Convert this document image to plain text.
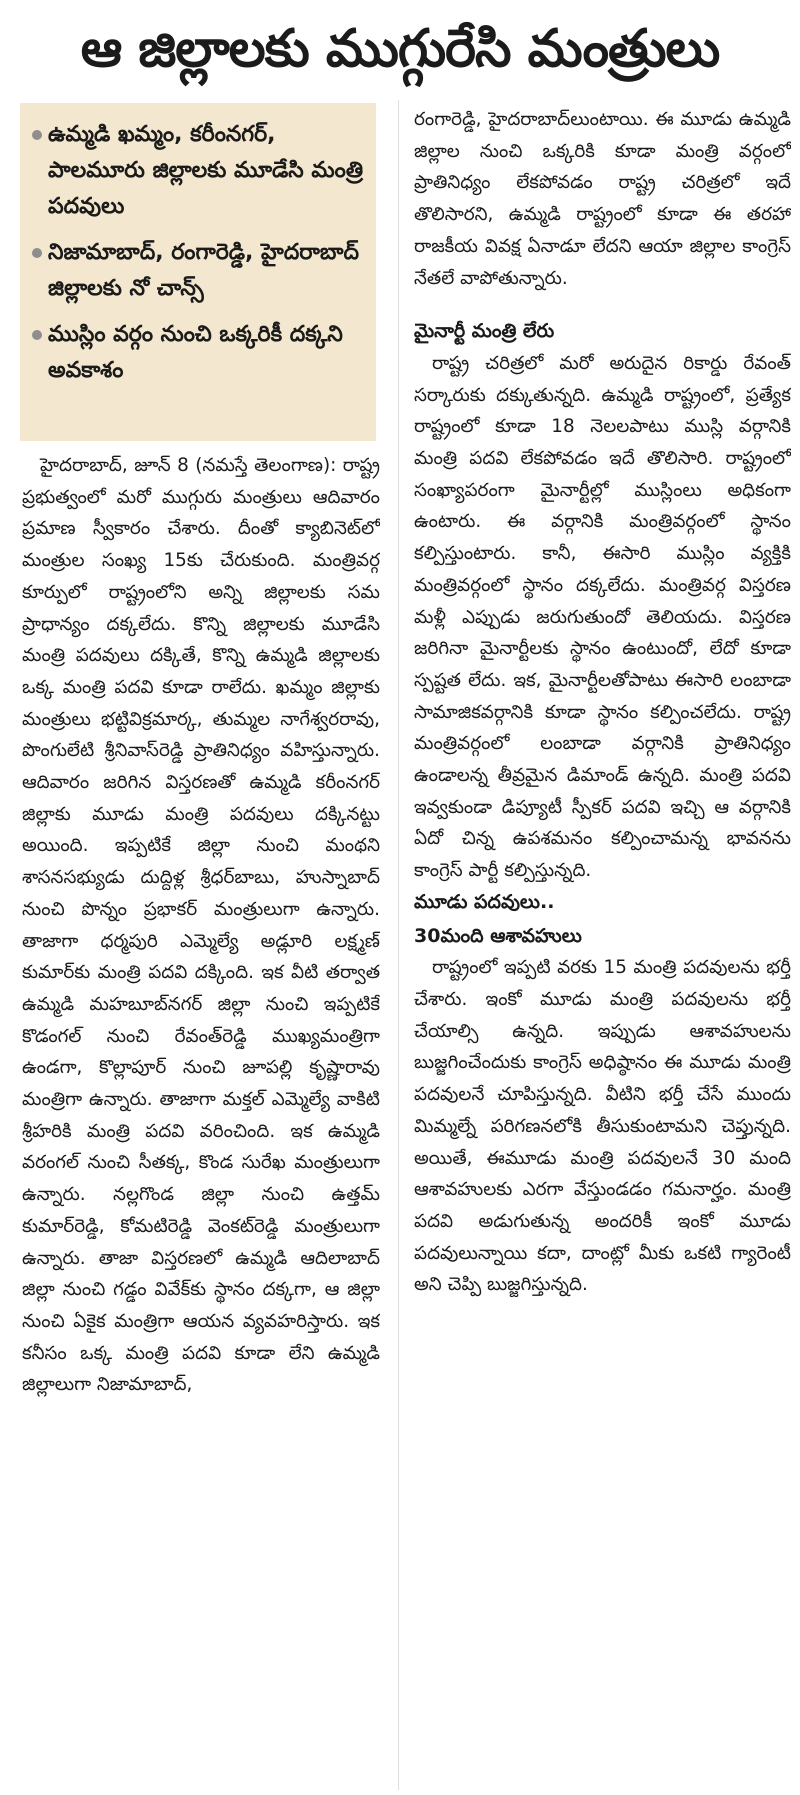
ఆ జిల్లాలకు ముగ్గురేసి మంత్రులు
ఉమ్మడి ఖమ్మం, కరీంనగర్, పాలమూరు జిల్లాలకు మూడేసి మంత్రి పదవులు
నిజామాబాద్, రంగారెడ్డి, హైదరాబాద్ జిల్లాలకు నో చాన్స్
ముస్లిం వర్గం నుంచి ఒక్కరికీ దక్కని అవకాశం

హైదరాబాద్, జూన్ 8 (నమస్తే తెలంగాణ): రాష్ట్ర ప్రభుత్వంలో మరో ముగ్గురు మంత్రులు ఆదివారం ప్రమాణ స్వీకారం చేశారు. దీంతో క్యాబినెట్‌లో మంత్రుల సంఖ్య 15కు చేరుకుంది. మంత్రివర్గ కూర్పులో రాష్ట్రంలోని అన్ని జిల్లాలకు సమ ప్రాధాన్యం దక్కలేదు. కొన్ని జిల్లాలకు మూడేసి మంత్రి పదవులు దక్కితే, కొన్ని ఉమ్మడి జిల్లాలకు ఒక్క మంత్రి పదవి కూడా రాలేదు. ఖమ్మం జిల్లాకు మంత్రులు భట్టివిక్రమార్క, తుమ్మల నాగేశ్వరరావు, పొంగులేటి శ్రీనివాస్‌రెడ్డి ప్రాతినిధ్యం వహిస్తున్నారు. ఆదివారం జరిగిన విస్తరణతో ఉమ్మడి కరీంనగర్ జిల్లాకు మూడు మంత్రి పదవులు దక్కినట్టు అయింది. ఇప్పటికే జిల్లా నుంచి మంథని శాసనసభ్యుడు దుద్దిళ్ల శ్రీధర్‌బాబు, హుస్నాబాద్ నుంచి పొన్నం ప్రభాకర్ మంత్రులుగా ఉన్నారు. తాజాగా ధర్మపురి ఎమ్మెల్యే అడ్లూరి లక్ష్మణ్ కుమార్‌కు మంత్రి పదవి దక్కింది. ఇక వీటి తర్వాత ఉమ్మడి మహబూబ్‌నగర్ జిల్లా నుంచి ఇప్పటికే కొడంగల్ నుంచి రేవంత్‌రెడ్డి ముఖ్యమంత్రిగా ఉండగా, కొల్లాపూర్ నుంచి జూపల్లి కృష్ణారావు మంత్రిగా ఉన్నారు. తాజాగా మక్తల్ ఎమ్మెల్యే వాకిటి శ్రీహరికి మంత్రి పదవి వరించింది. ఇక ఉమ్మడి వరంగల్ నుంచి సీతక్క, కొండ సురేఖ మంత్రులుగా ఉన్నారు. నల్లగొండ జిల్లా నుంచి ఉత్తమ్ కుమార్‌రెడ్డి, కోమటిరెడ్డి వెంకట్‌రెడ్డి మంత్రులుగా ఉన్నారు. తాజా విస్తరణలో ఉమ్మడి ఆదిలాబాద్ జిల్లా నుంచి గడ్డం వివేక్‌కు స్థానం దక్కగా, ఆ జిల్లా నుంచి ఏకైక మంత్రిగా ఆయన వ్యవహరిస్తారు. ఇక కనీసం ఒక్క మంత్రి పదవి కూడా లేని ఉమ్మడి జిల్లాలుగా నిజామాబాద్,

రంగారెడ్డి, హైదరాబాద్‌లుంటాయి. ఈ మూడు ఉమ్మడి జిల్లాల నుంచి ఒక్కరికి కూడా మంత్రి వర్గంలో ప్రాతినిధ్యం లేకపోవడం రాష్ట్ర చరిత్రలో ఇదే తొలిసారని, ఉమ్మడి రాష్ట్రంలో కూడా ఈ తరహా రాజకీయ వివక్ష ఏనాడూ లేదని ఆయా జిల్లాల కాంగ్రెస్ నేతలే వాపోతున్నారు.

మైనార్టీ మంత్రి లేరు

రాష్ట్ర చరిత్రలో మరో అరుదైన రికార్డు రేవంత్ సర్కారుకు దక్కుతున్నది. ఉమ్మడి రాష్ట్రంలో, ప్రత్యేక రాష్ట్రంలో కూడా 18 నెలలపాటు ముస్లి వర్గానికి మంత్రి పదవి లేకపోవడం ఇదే తొలిసారి. రాష్ట్రంలో సంఖ్యాపరంగా మైనార్టీల్లో ముస్లింలు అధికంగా ఉంటారు. ఈ వర్గానికి మంత్రివర్గంలో స్థానం కల్పిస్తుంటారు. కానీ, ఈసారి ముస్లిం వ్యక్తికి మంత్రివర్గంలో స్థానం దక్కలేదు. మంత్రివర్గ విస్తరణ మళ్లీ ఎప్పుడు జరుగుతుందో తెలియదు. విస్తరణ జరిగినా మైనార్టీలకు స్థానం ఉంటుందో, లేదో కూడా స్పష్టత లేదు. ఇక, మైనార్టీలతోపాటు ఈసారి లంబాడా సామాజికవర్గానికి కూడా స్థానం కల్పించలేదు. రాష్ట్ర మంత్రివర్గంలో లంబాడా వర్గానికి ప్రాతినిధ్యం ఉండాలన్న తీవ్రమైన డిమాండ్ ఉన్నది. మంత్రి పదవి ఇవ్వకుండా డిప్యూటీ స్పీకర్ పదవి ఇచ్చి ఆ వర్గానికి ఏదో చిన్న ఉపశమనం కల్పించామన్న భావనను కాంగ్రెస్ పార్టీ కల్పిస్తున్నది.

మూడు పదవులు..

30మంది ఆశావహులు

రాష్ట్రంలో ఇప్పటి వరకు 15 మంత్రి పదవులను భర్తీ చేశారు. ఇంకో మూడు మంత్రి పదవులను భర్తీ చేయాల్సి ఉన్నది. ఇప్పుడు ఆశావహులను బుజ్జగించేందుకు కాంగ్రెస్ అధిష్ఠానం ఈ మూడు మంత్రి పదవులనే చూపిస్తున్నది. వీటిని భర్తీ చేసే ముందు మిమ్మల్నే పరిగణనలోకి తీసుకుంటామని చెప్తున్నది. అయితే, ఈమూడు మంత్రి పదవులనే 30 మంది ఆశావహులకు ఎరగా వేస్తుండడం గమనార్హం. మంత్రి పదవి అడుగుతున్న అందరికీ ఇంకో మూడు పదవులున్నాయి కదా, దాంట్లో మీకు ఒకటి గ్యారెంటీ అని చెప్పి బుజ్జగిస్తున్నది.
